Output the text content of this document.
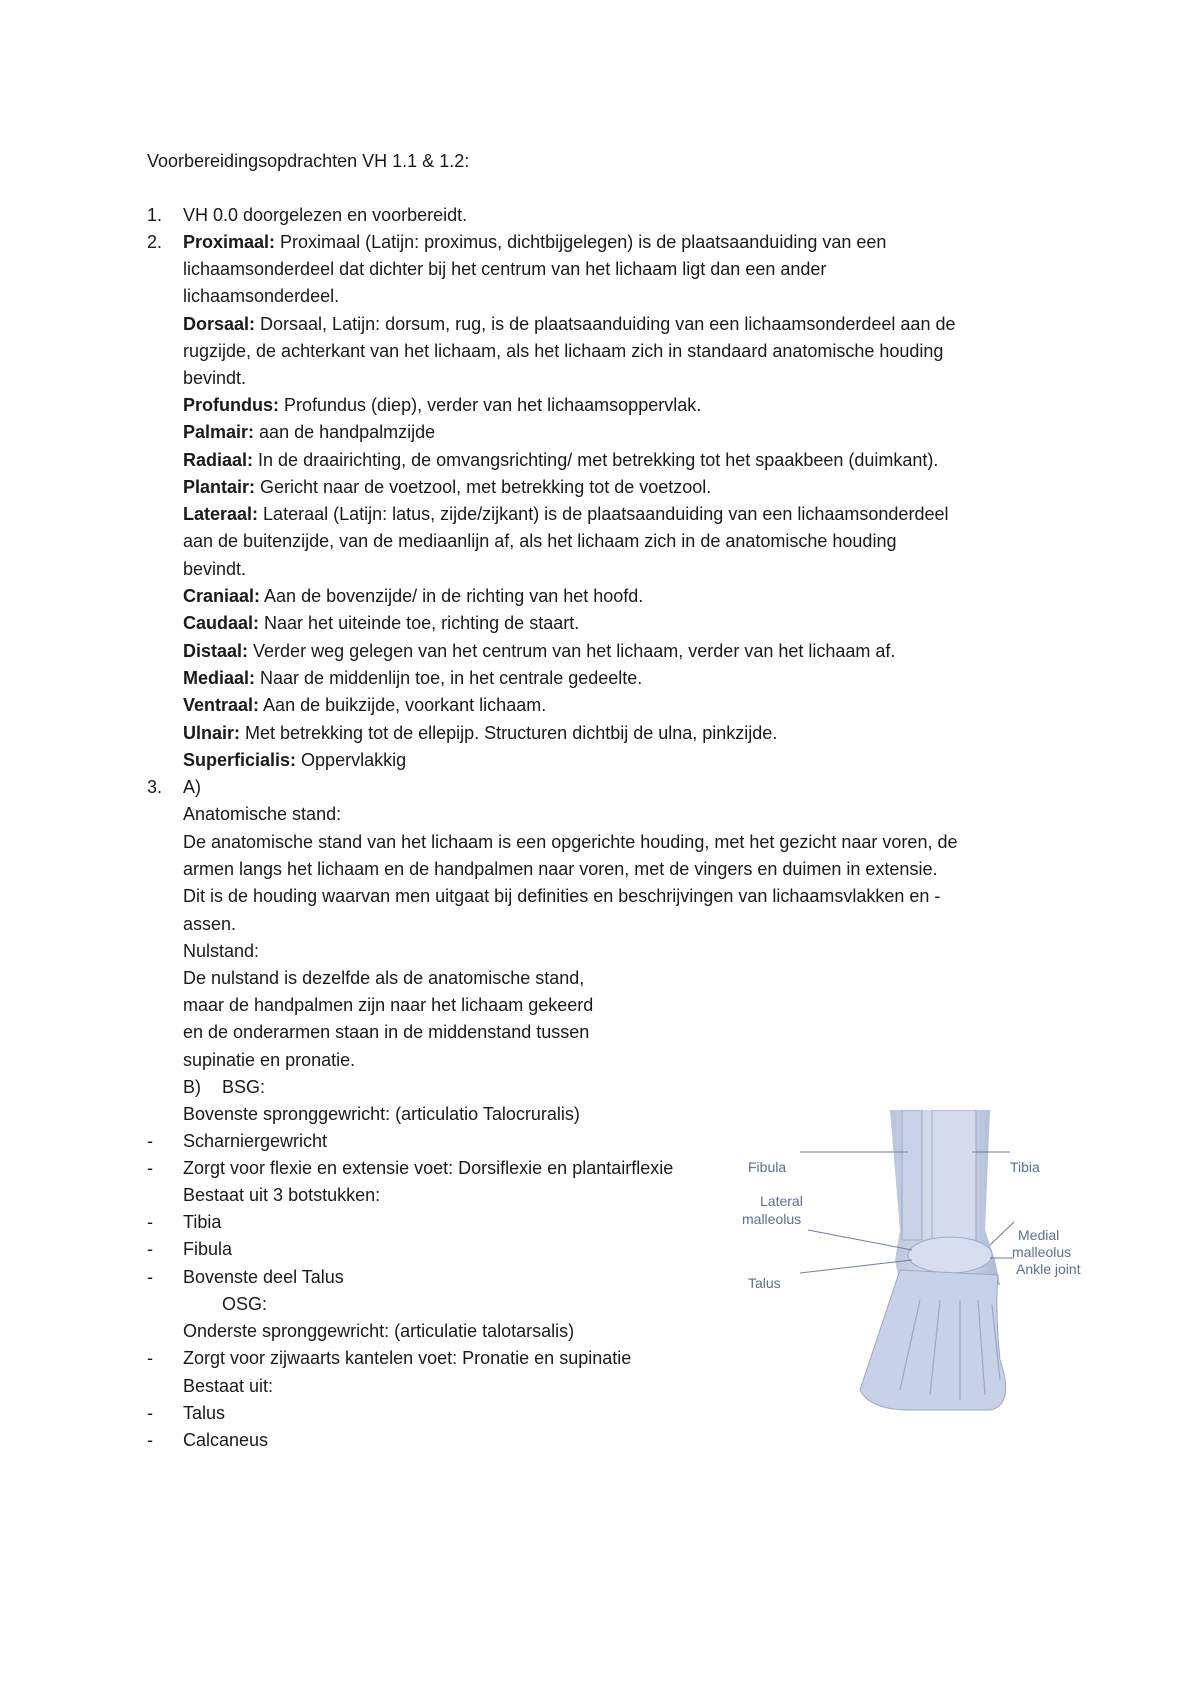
Voorbereidingsopdrachten VH 1.1 & 1.2:
1. VH 0.0 doorgelezen en voorbereidt.
2. Proximaal: Proximaal (Latijn: proximus, dichtbijgelegen) is de plaatsaanduiding van een
lichaamsonderdeel dat dichter bij het centrum van het lichaam ligt dan een ander
lichaamsonderdeel.
Dorsaal: Dorsaal, Latijn: dorsum, rug, is de plaatsaanduiding van een lichaamsonderdeel aan de
rugzijde, de achterkant van het lichaam, als het lichaam zich in standaard anatomische houding
bevindt.
Profundus: Profundus (diep), verder van het lichaamsoppervlak.
Palmair: aan de handpalmzijde
Radiaal: In de draairichting, de omvangsrichting/ met betrekking tot het spaakbeen (duimkant).
Plantair: Gericht naar de voetzool, met betrekking tot de voetzool.
Lateraal: Lateraal (Latijn: latus, zijde/zijkant) is de plaatsaanduiding van een lichaamsonderdeel
aan de buitenzijde, van de mediaanlijn af, als het lichaam zich in de anatomische houding
bevindt.
Craniaal: Aan de bovenzijde/ in de richting van het hoofd.
Caudaal: Naar het uiteinde toe, richting de staart.
Distaal: Verder weg gelegen van het centrum van het lichaam, verder van het lichaam af.
Mediaal: Naar de middenlijn toe, in het centrale gedeelte.
Ventraal: Aan de buikzijde, voorkant lichaam.
Ulnair: Met betrekking tot de ellepijp. Structuren dichtbij de ulna, pinkzijde.
Superficialis: Oppervlakkig
3. A)
Anatomische stand:
De anatomische stand van het lichaam is een opgerichte houding, met het gezicht naar voren, de
armen langs het lichaam en de handpalmen naar voren, met de vingers en duimen in extensie.
Dit is de houding waarvan men uitgaat bij definities en beschrijvingen van lichaamsvlakken en -
assen.
Nulstand:
De nulstand is dezelfde als de anatomische stand,
maar de handpalmen zijn naar het lichaam gekeerd
en de onderarmen staan in de middenstand tussen
supinatie en pronatie.
B) BSG:
Bovenste spronggewricht: (articulatio Talocruralis)
- Scharniergewricht
- Zorgt voor flexie en extensie voet: Dorsiflexie en plantairflexie
Bestaat uit 3 botstukken:
- Tibia
- Fibula
- Bovenste deel Talus
OSG:
Onderste spronggewricht: (articulatie talotarsalis)
- Zorgt voor zijwaarts kantelen voet: Pronatie en supinatie
Bestaat uit:
- Talus
- Calcaneus
Fibula	Tibia
Lateral
malleolus
Medial
malleolus
Ankle joint
Talus
